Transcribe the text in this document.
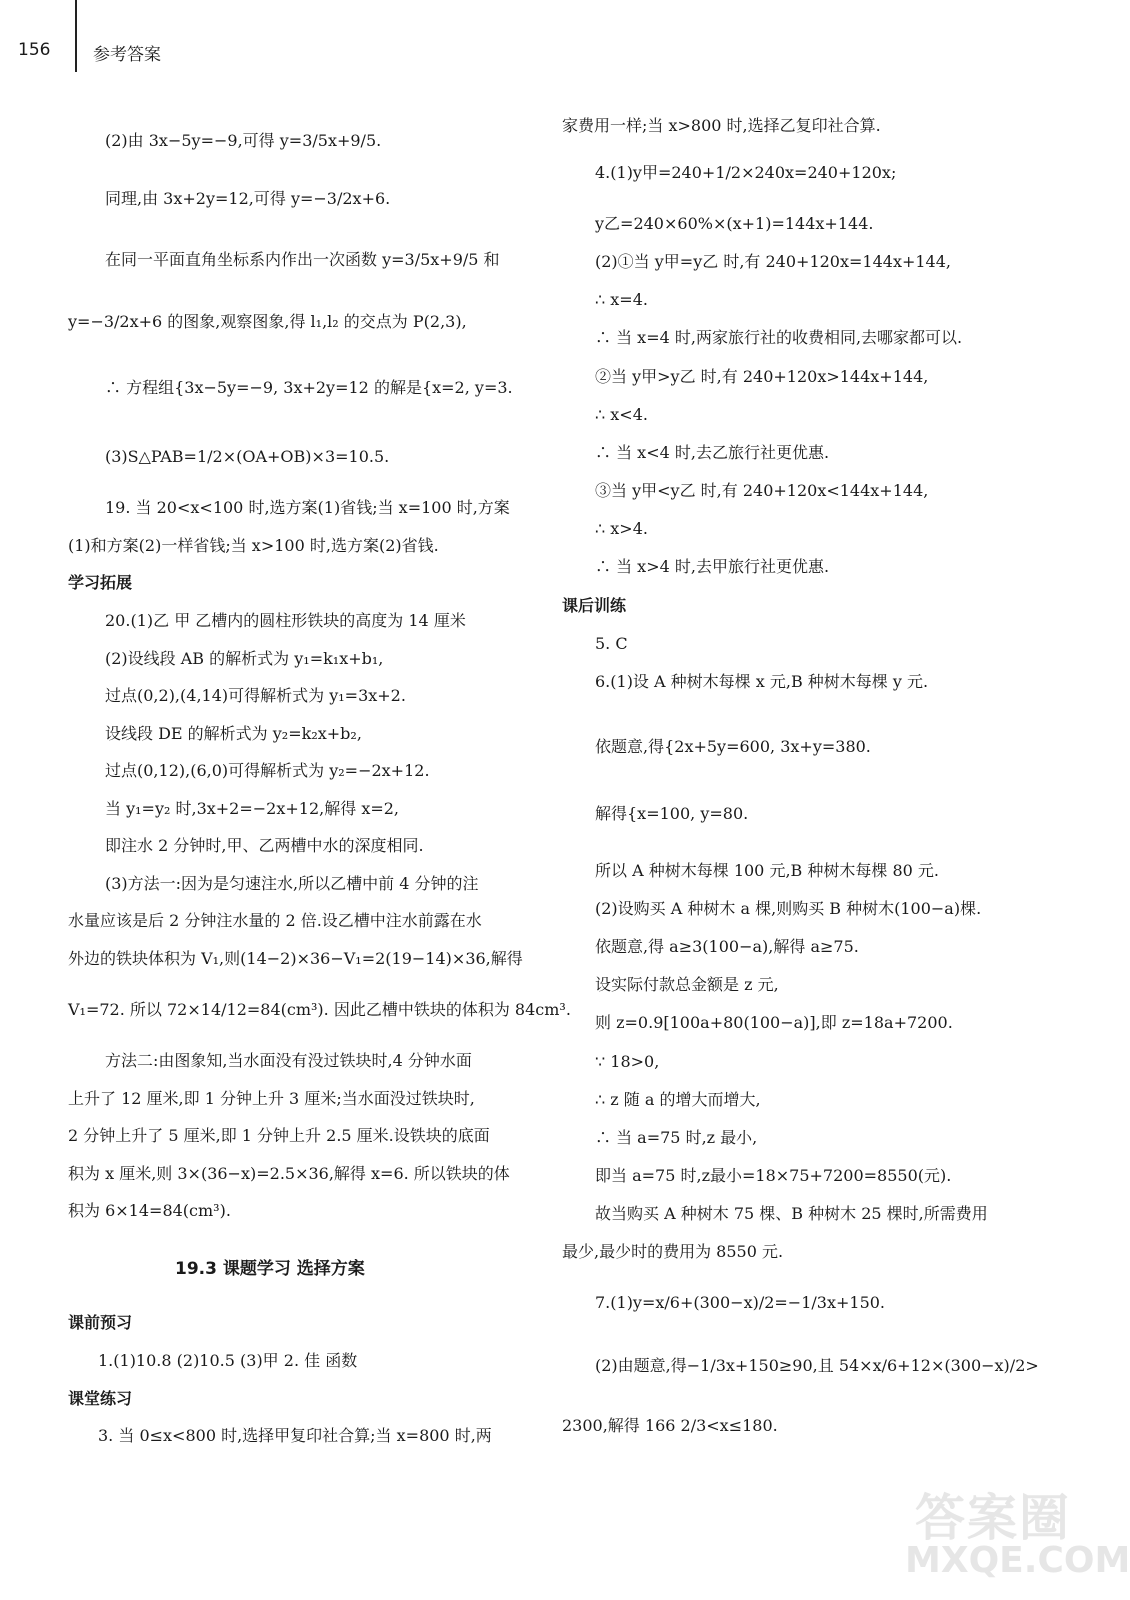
156	参考答案
(2)由 3x−5y=−9,可得 y=3/5x+9/5.
同理,由 3x+2y=12,可得 y=−3/2x+6.
在同一平面直角坐标系内作出一次函数 y=3/5x+9/5 和
y=−3/2x+6 的图象,观察图象,得 l₁,l₂ 的交点为 P(2,3),
∴ 方程组{3x−5y=−9, 3x+2y=12 的解是{x=2, y=3.
(3)S△PAB=1/2×(OA+OB)×3=10.5.
19. 当 20<x<100 时,选方案(1)省钱;当 x=100 时,方案
(1)和方案(2)一样省钱;当 x>100 时,选方案(2)省钱.
学习拓展
20.(1)乙 甲 乙槽内的圆柱形铁块的高度为 14 厘米
(2)设线段 AB 的解析式为 y₁=k₁x+b₁,
过点(0,2),(4,14)可得解析式为 y₁=3x+2.
设线段 DE 的解析式为 y₂=k₂x+b₂,
过点(0,12),(6,0)可得解析式为 y₂=−2x+12.
当 y₁=y₂ 时,3x+2=−2x+12,解得 x=2,
即注水 2 分钟时,甲、乙两槽中水的深度相同.
(3)方法一:因为是匀速注水,所以乙槽中前 4 分钟的注
水量应该是后 2 分钟注水量的 2 倍.设乙槽中注水前露在水
外边的铁块体积为 V₁,则(14−2)×36−V₁=2(19−14)×36,解得
V₁=72. 所以 72×14/12=84(cm³). 因此乙槽中铁块的体积为 84cm³.
方法二:由图象知,当水面没有没过铁块时,4 分钟水面
上升了 12 厘米,即 1 分钟上升 3 厘米;当水面没过铁块时,
2 分钟上升了 5 厘米,即 1 分钟上升 2.5 厘米.设铁块的底面
积为 x 厘米,则 3×(36−x)=2.5×36,解得 x=6. 所以铁块的体
积为 6×14=84(cm³).
19.3 课题学习 选择方案
课前预习
1.(1)10.8 (2)10.5 (3)甲 2. 佳 函数
课堂练习
3. 当 0≤x<800 时,选择甲复印社合算;当 x=800 时,两
家费用一样;当 x>800 时,选择乙复印社合算.
4.(1)y甲=240+1/2×240x=240+120x;
y乙=240×60%×(x+1)=144x+144.
(2)①当 y甲=y乙 时,有 240+120x=144x+144,
∴ x=4.
∴ 当 x=4 时,两家旅行社的收费相同,去哪家都可以.
②当 y甲>y乙 时,有 240+120x>144x+144,
∴ x<4.
∴ 当 x<4 时,去乙旅行社更优惠.
③当 y甲<y乙 时,有 240+120x<144x+144,
∴ x>4.
∴ 当 x>4 时,去甲旅行社更优惠.
课后训练
5. C
6.(1)设 A 种树木每棵 x 元,B 种树木每棵 y 元.
依题意,得{2x+5y=600, 3x+y=380.
解得{x=100, y=80.
所以 A 种树木每棵 100 元,B 种树木每棵 80 元.
(2)设购买 A 种树木 a 棵,则购买 B 种树木(100−a)棵.
依题意,得 a≥3(100−a),解得 a≥75.
设实际付款总金额是 z 元,
则 z=0.9[100a+80(100−a)],即 z=18a+7200.
∵ 18>0,
∴ z 随 a 的增大而增大,
∴ 当 a=75 时,z 最小,
即当 a=75 时,z最小=18×75+7200=8550(元).
故当购买 A 种树木 75 棵、B 种树木 25 棵时,所需费用
最少,最少时的费用为 8550 元.
7.(1)y=x/6+(300−x)/2=−1/3x+150.
(2)由题意,得−1/3x+150≥90,且 54×x/6+12×(300−x)/2>
2300,解得 166 2/3<x≤180.
答案圈
MXQE.COM
